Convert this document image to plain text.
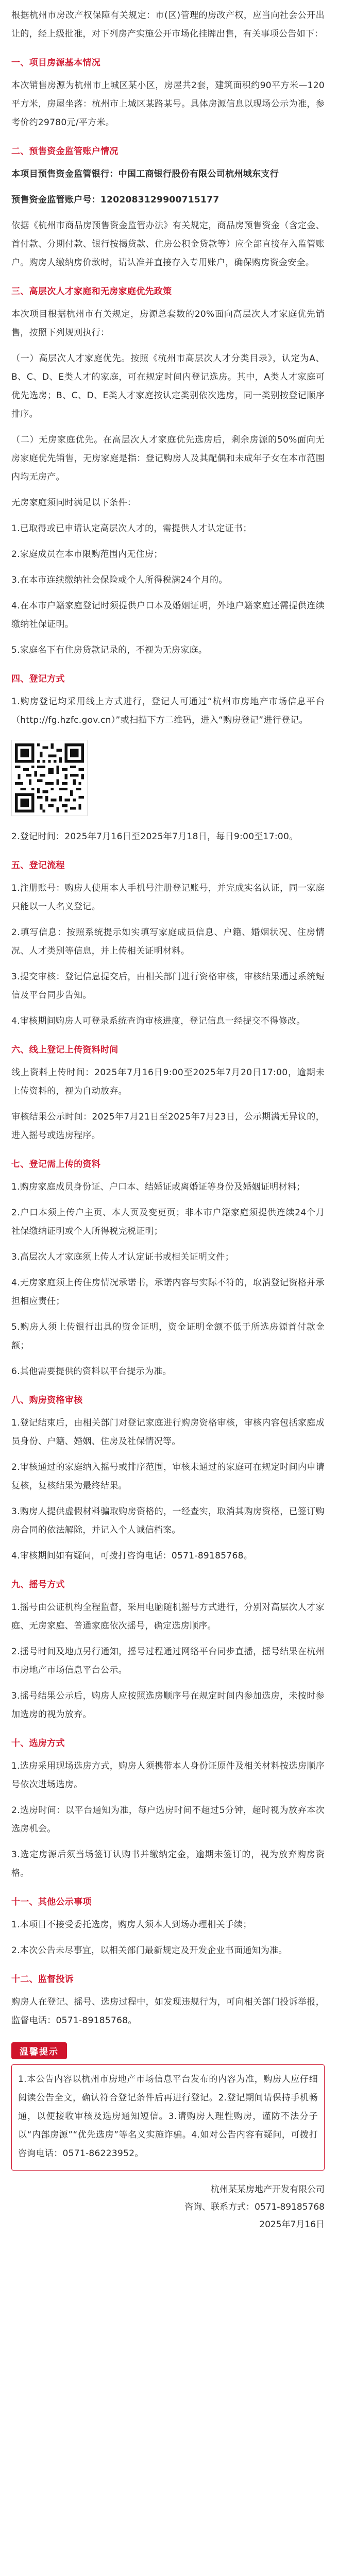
根据杭州市房改产权保障有关规定：市(区)管理的房改产权，应当向社会公开出让的，经上级批准，对下列房产实施公开市场化挂牌出售，有关事项公告如下：

一、项目房源基本情况

本次销售房源为杭州市上城区某小区，房屋共2套，建筑面积约90平方米—120平方米，房屋坐落：杭州市上城区某路某号。具体房源信息以现场公示为准，参考价约29780元/平方米。

二、预售资金监管账户情况

本项目预售资金监管银行：中国工商银行股份有限公司杭州城东支行

预售资金监管账户号：1202083129900715177

依据《杭州市商品房预售资金监管办法》有关规定，商品房预售资金（含定金、首付款、分期付款、银行按揭贷款、住房公积金贷款等）应全部直接存入监管账户。购房人缴纳房价款时，请认准并直接存入专用账户，确保购房资金安全。

三、高层次人才家庭和无房家庭优先政策

本次项目根据杭州市有关规定，房源总套数的20%面向高层次人才家庭优先销售，按照下列规则执行：

（一）高层次人才家庭优先。按照《杭州市高层次人才分类目录》，认定为A、B、C、D、E类人才的家庭，可在规定时间内登记选房。其中，A类人才家庭可优先选房；B、C、D、E类人才家庭按认定类别依次选房，同一类别按登记顺序排序。

（二）无房家庭优先。在高层次人才家庭优先选房后，剩余房源的50%面向无房家庭优先销售，无房家庭是指：登记购房人及其配偶和未成年子女在本市范围内均无房产。

无房家庭须同时满足以下条件：

1.已取得或已申请认定高层次人才的，需提供人才认定证书；

2.家庭成员在本市限购范围内无住房；

3.在本市连续缴纳社会保险或个人所得税满24个月的。

4.在本市户籍家庭登记时须提供户口本及婚姻证明，外地户籍家庭还需提供连续缴纳社保证明。

5.家庭名下有住房贷款记录的，不视为无房家庭。

四、登记方式

1.购房登记均采用线上方式进行，登记人可通过“杭州市房地产市场信息平台（http://fg.hzfc.gov.cn）”或扫描下方二维码，进入“购房登记”进行登记。

2.登记时间：2025年7月16日至2025年7月18日，每日9:00至17:00。

五、登记流程

1.注册账号：购房人使用本人手机号注册登记账号，并完成实名认证，同一家庭只能以一人名义登记。

2.填写信息：按照系统提示如实填写家庭成员信息、户籍、婚姻状况、住房情况、人才类别等信息，并上传相关证明材料。

3.提交审核：登记信息提交后，由相关部门进行资格审核，审核结果通过系统短信及平台同步告知。

4.审核期间购房人可登录系统查询审核进度，登记信息一经提交不得修改。

六、线上登记上传资料时间

线上资料上传时间：2025年7月16日9:00至2025年7月20日17:00，逾期未上传资料的，视为自动放弃。

审核结果公示时间：2025年7月21日至2025年7月23日，公示期满无异议的，进入摇号或选房程序。

七、登记需上传的资料

1.购房家庭成员身份证、户口本、结婚证或离婚证等身份及婚姻证明材料；

2.户口本须上传户主页、本人页及变更页；非本市户籍家庭须提供连续24个月社保缴纳证明或个人所得税完税证明；

3.高层次人才家庭须上传人才认定证书或相关证明文件；

4.无房家庭须上传住房情况承诺书，承诺内容与实际不符的，取消登记资格并承担相应责任；

5.购房人须上传银行出具的资金证明，资金证明金额不低于所选房源首付款金额；

6.其他需要提供的资料以平台提示为准。

八、购房资格审核

1.登记结束后，由相关部门对登记家庭进行购房资格审核，审核内容包括家庭成员身份、户籍、婚姻、住房及社保情况等。

2.审核通过的家庭纳入摇号或排序范围，审核未通过的家庭可在规定时间内申请复核，复核结果为最终结果。

3.购房人提供虚假材料骗取购房资格的，一经查实，取消其购房资格，已签订购房合同的依法解除，并记入个人诚信档案。

4.审核期间如有疑问，可拨打咨询电话：0571-89185768。

九、摇号方式

1.摇号由公证机构全程监督，采用电脑随机摇号方式进行，分别对高层次人才家庭、无房家庭、普通家庭依次摇号，确定选房顺序。

2.摇号时间及地点另行通知，摇号过程通过网络平台同步直播，摇号结果在杭州市房地产市场信息平台公示。

3.摇号结果公示后，购房人应按照选房顺序号在规定时间内参加选房，未按时参加选房的视为放弃。

十、选房方式

1.选房采用现场选房方式，购房人须携带本人身份证原件及相关材料按选房顺序号依次进场选房。

2.选房时间：以平台通知为准，每户选房时间不超过5分钟，超时视为放弃本次选房机会。

3.选定房源后须当场签订认购书并缴纳定金，逾期未签订的，视为放弃购房资格。

十一、其他公示事项

1.本项目不接受委托选房，购房人须本人到场办理相关手续；

2.本次公告未尽事宜，以相关部门最新规定及开发企业书面通知为准。

十二、监督投诉

购房人在登记、摇号、选房过程中，如发现违规行为，可向相关部门投诉举报，监督电话：0571-89185768。

温馨提示
1.本公告内容以杭州市房地产市场信息平台发布的内容为准，购房人应仔细阅读公告全文，确认符合登记条件后再进行登记。2.登记期间请保持手机畅通，以便接收审核及选房通知短信。3.请购房人理性购房，谨防不法分子以“内部房源”“优先选房”等名义实施诈骗。4.如对公告内容有疑问，可拨打咨询电话：0571-86223952。

杭州某某房地产开发有限公司

咨询、联系方式：0571-89185768

2025年7月16日
